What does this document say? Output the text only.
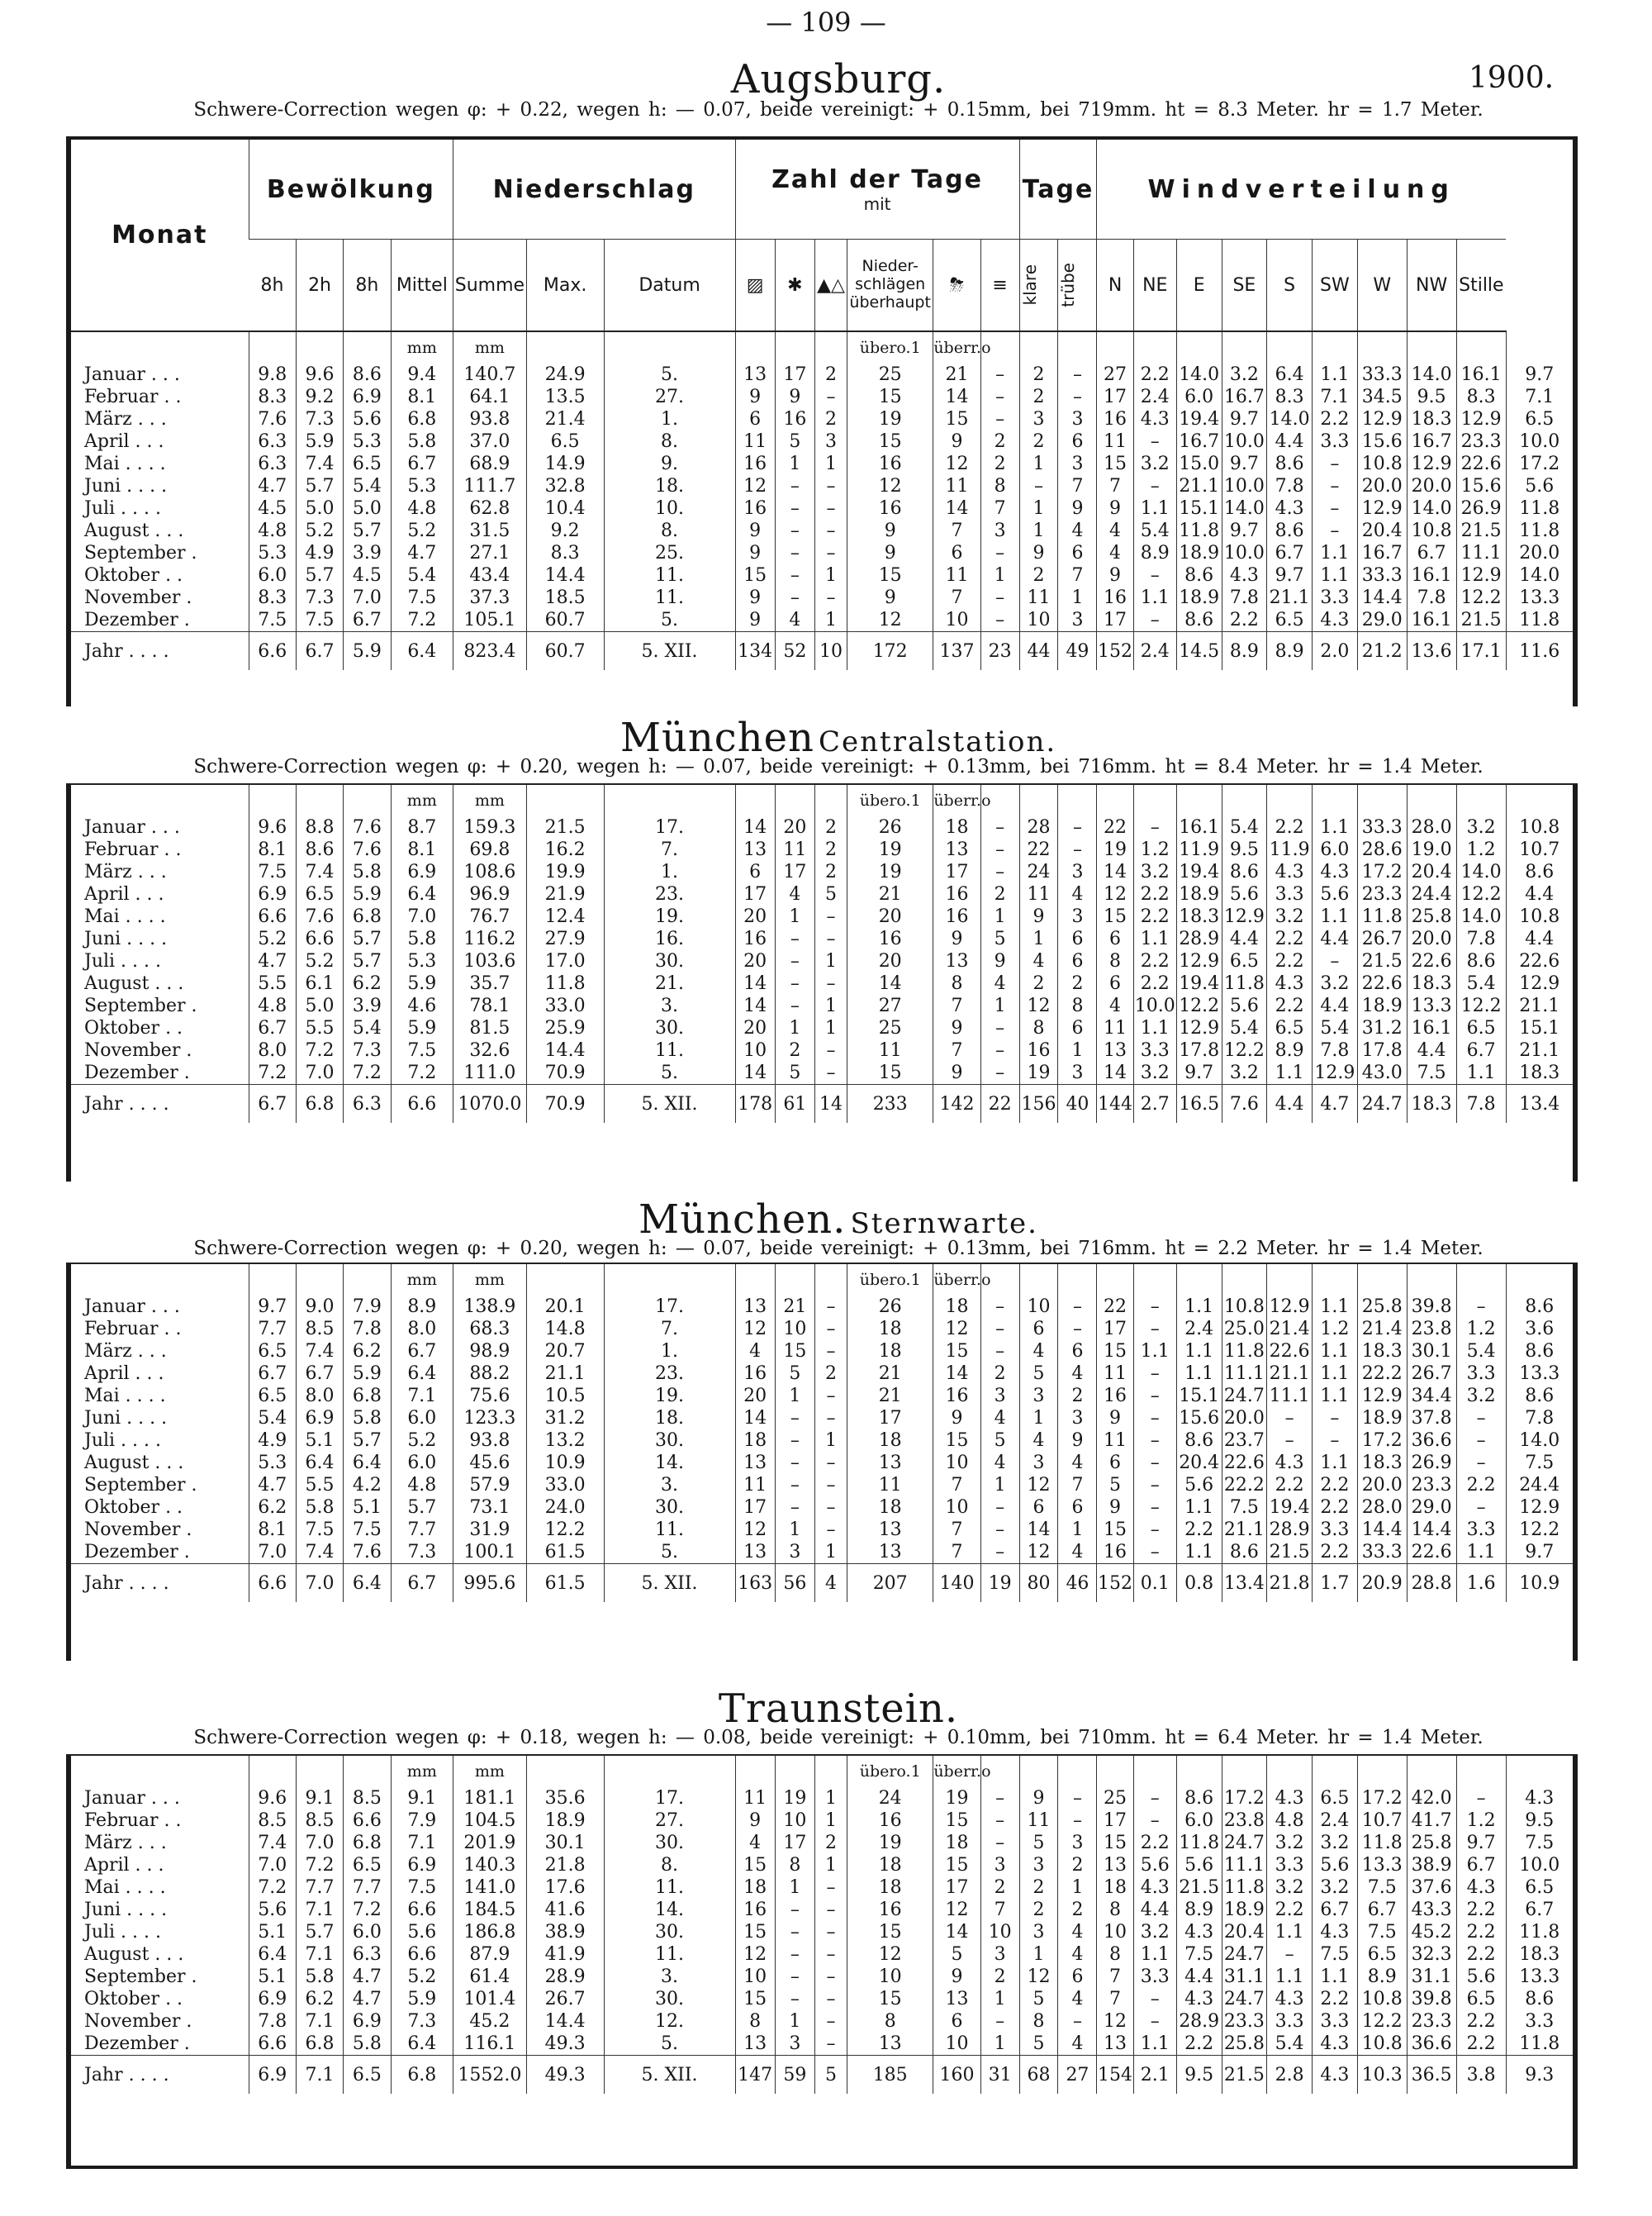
— 109 —
1900.
Augsburg.
Schwere-Correction wegen φ: + 0.22, wegen h: — 0.07, beide vereinigt: + 0.15mm, bei 719mm. ht = 8.3 Meter. hr = 1.7 Meter.
Monat	Bewölkung				Niederschlag			Zahl der Tage
mit						Tage		Windverteilung									
	8h	2h	8h	Mittel	Summe	Max.	Datum	▨	✱	▲△	Nieder-schlägen überhaupt	⛈	≡	klare	trübe	N	NE	E	SE	S	SW	W	NW	Stille	
				mm	mm						übero.1	überr.o													
Januar . . .	9.8	9.6	8.6	9.4	140.7	24.9	5.	13	17	2	25	21	–	2	–	27	2.2	14.0	3.2	6.4	1.1	33.3	14.0	16.1	9.7
Februar . .	8.3	9.2	6.9	8.1	64.1	13.5	27.	9	9	–	15	14	–	2	–	17	2.4	6.0	16.7	8.3	7.1	34.5	9.5	8.3	7.1
März . . .	7.6	7.3	5.6	6.8	93.8	21.4	1.	6	16	2	19	15	–	3	3	16	4.3	19.4	9.7	14.0	2.2	12.9	18.3	12.9	6.5
April . . .	6.3	5.9	5.3	5.8	37.0	6.5	8.	11	5	3	15	9	2	2	6	11	–	16.7	10.0	4.4	3.3	15.6	16.7	23.3	10.0
Mai . . . .	6.3	7.4	6.5	6.7	68.9	14.9	9.	16	1	1	16	12	2	1	3	15	3.2	15.0	9.7	8.6	–	10.8	12.9	22.6	17.2
Juni . . . .	4.7	5.7	5.4	5.3	111.7	32.8	18.	12	–	–	12	11	8	–	7	7	–	21.1	10.0	7.8	–	20.0	20.0	15.6	5.6
Juli . . . .	4.5	5.0	5.0	4.8	62.8	10.4	10.	16	–	–	16	14	7	1	9	9	1.1	15.1	14.0	4.3	–	12.9	14.0	26.9	11.8
August . . .	4.8	5.2	5.7	5.2	31.5	9.2	8.	9	–	–	9	7	3	1	4	4	5.4	11.8	9.7	8.6	–	20.4	10.8	21.5	11.8
September .	5.3	4.9	3.9	4.7	27.1	8.3	25.	9	–	–	9	6	–	9	6	4	8.9	18.9	10.0	6.7	1.1	16.7	6.7	11.1	20.0
Oktober . .	6.0	5.7	4.5	5.4	43.4	14.4	11.	15	–	1	15	11	1	2	7	9	–	8.6	4.3	9.7	1.1	33.3	16.1	12.9	14.0
November .	8.3	7.3	7.0	7.5	37.3	18.5	11.	9	–	–	9	7	–	11	1	16	1.1	18.9	7.8	21.1	3.3	14.4	7.8	12.2	13.3
Dezember .	7.5	7.5	6.7	7.2	105.1	60.7	5.	9	4	1	12	10	–	10	3	17	–	8.6	2.2	6.5	4.3	29.0	16.1	21.5	11.8
Jahr . . . .	6.6	6.7	5.9	6.4	823.4	60.7	5. XII.	134	52	10	172	137	23	44	49	152	2.4	14.5	8.9	8.9	2.0	21.2	13.6	17.1	11.6
München Centralstation.
Schwere-Correction wegen φ: + 0.20, wegen h: — 0.07, beide vereinigt: + 0.13mm, bei 716mm. ht = 8.4 Meter. hr = 1.4 Meter.
				mm	mm						übero.1	überr.o													
Januar . . .	9.6	8.8	7.6	8.7	159.3	21.5	17.	14	20	2	26	18	–	28	–	22	–	16.1	5.4	2.2	1.1	33.3	28.0	3.2	10.8
Februar . .	8.1	8.6	7.6	8.1	69.8	16.2	7.	13	11	2	19	13	–	22	–	19	1.2	11.9	9.5	11.9	6.0	28.6	19.0	1.2	10.7
März . . .	7.5	7.4	5.8	6.9	108.6	19.9	1.	6	17	2	19	17	–	24	3	14	3.2	19.4	8.6	4.3	4.3	17.2	20.4	14.0	8.6
April . . .	6.9	6.5	5.9	6.4	96.9	21.9	23.	17	4	5	21	16	2	11	4	12	2.2	18.9	5.6	3.3	5.6	23.3	24.4	12.2	4.4
Mai . . . .	6.6	7.6	6.8	7.0	76.7	12.4	19.	20	1	–	20	16	1	9	3	15	2.2	18.3	12.9	3.2	1.1	11.8	25.8	14.0	10.8
Juni . . . .	5.2	6.6	5.7	5.8	116.2	27.9	16.	16	–	–	16	9	5	1	6	6	1.1	28.9	4.4	2.2	4.4	26.7	20.0	7.8	4.4
Juli . . . .	4.7	5.2	5.7	5.3	103.6	17.0	30.	20	–	1	20	13	9	4	6	8	2.2	12.9	6.5	2.2	–	21.5	22.6	8.6	22.6
August . . .	5.5	6.1	6.2	5.9	35.7	11.8	21.	14	–	–	14	8	4	2	2	6	2.2	19.4	11.8	4.3	3.2	22.6	18.3	5.4	12.9
September .	4.8	5.0	3.9	4.6	78.1	33.0	3.	14	–	1	27	7	1	12	8	4	10.0	12.2	5.6	2.2	4.4	18.9	13.3	12.2	21.1
Oktober . .	6.7	5.5	5.4	5.9	81.5	25.9	30.	20	1	1	25	9	–	8	6	11	1.1	12.9	5.4	6.5	5.4	31.2	16.1	6.5	15.1
November .	8.0	7.2	7.3	7.5	32.6	14.4	11.	10	2	–	11	7	–	16	1	13	3.3	17.8	12.2	8.9	7.8	17.8	4.4	6.7	21.1
Dezember .	7.2	7.0	7.2	7.2	111.0	70.9	5.	14	5	–	15	9	–	19	3	14	3.2	9.7	3.2	1.1	12.9	43.0	7.5	1.1	18.3
Jahr . . . .	6.7	6.8	6.3	6.6	1070.0	70.9	5. XII.	178	61	14	233	142	22	156	40	144	2.7	16.5	7.6	4.4	4.7	24.7	18.3	7.8	13.4
München. Sternwarte.
Schwere-Correction wegen φ: + 0.20, wegen h: — 0.07, beide vereinigt: + 0.13mm, bei 716mm. ht = 2.2 Meter. hr = 1.4 Meter.
				mm	mm						übero.1	überr.o													
Januar . . .	9.7	9.0	7.9	8.9	138.9	20.1	17.	13	21	–	26	18	–	10	–	22	–	1.1	10.8	12.9	1.1	25.8	39.8	–	8.6
Februar . .	7.7	8.5	7.8	8.0	68.3	14.8	7.	12	10	–	18	12	–	6	–	17	–	2.4	25.0	21.4	1.2	21.4	23.8	1.2	3.6
März . . .	6.5	7.4	6.2	6.7	98.9	20.7	1.	4	15	–	18	15	–	4	6	15	1.1	1.1	11.8	22.6	1.1	18.3	30.1	5.4	8.6
April . . .	6.7	6.7	5.9	6.4	88.2	21.1	23.	16	5	2	21	14	2	5	4	11	–	1.1	11.1	21.1	1.1	22.2	26.7	3.3	13.3
Mai . . . .	6.5	8.0	6.8	7.1	75.6	10.5	19.	20	1	–	21	16	3	3	2	16	–	15.1	24.7	11.1	1.1	12.9	34.4	3.2	8.6
Juni . . . .	5.4	6.9	5.8	6.0	123.3	31.2	18.	14	–	–	17	9	4	1	3	9	–	15.6	20.0	–	–	18.9	37.8	–	7.8
Juli . . . .	4.9	5.1	5.7	5.2	93.8	13.2	30.	18	–	1	18	15	5	4	9	11	–	8.6	23.7	–	–	17.2	36.6	–	14.0
August . . .	5.3	6.4	6.4	6.0	45.6	10.9	14.	13	–	–	13	10	4	3	4	6	–	20.4	22.6	4.3	1.1	18.3	26.9	–	7.5
September .	4.7	5.5	4.2	4.8	57.9	33.0	3.	11	–	–	11	7	1	12	7	5	–	5.6	22.2	2.2	2.2	20.0	23.3	2.2	24.4
Oktober . .	6.2	5.8	5.1	5.7	73.1	24.0	30.	17	–	–	18	10	–	6	6	9	–	1.1	7.5	19.4	2.2	28.0	29.0	–	12.9
November .	8.1	7.5	7.5	7.7	31.9	12.2	11.	12	1	–	13	7	–	14	1	15	–	2.2	21.1	28.9	3.3	14.4	14.4	3.3	12.2
Dezember .	7.0	7.4	7.6	7.3	100.1	61.5	5.	13	3	1	13	7	–	12	4	16	–	1.1	8.6	21.5	2.2	33.3	22.6	1.1	9.7
Jahr . . . .	6.6	7.0	6.4	6.7	995.6	61.5	5. XII.	163	56	4	207	140	19	80	46	152	0.1	0.8	13.4	21.8	1.7	20.9	28.8	1.6	10.9
Traunstein.
Schwere-Correction wegen φ: + 0.18, wegen h: — 0.08, beide vereinigt: + 0.10mm, bei 710mm. ht = 6.4 Meter. hr = 1.4 Meter.
				mm	mm						übero.1	überr.o													
Januar . . .	9.6	9.1	8.5	9.1	181.1	35.6	17.	11	19	1	24	19	–	9	–	25	–	8.6	17.2	4.3	6.5	17.2	42.0	–	4.3
Februar . .	8.5	8.5	6.6	7.9	104.5	18.9	27.	9	10	1	16	15	–	11	–	17	–	6.0	23.8	4.8	2.4	10.7	41.7	1.2	9.5
März . . .	7.4	7.0	6.8	7.1	201.9	30.1	30.	4	17	2	19	18	–	5	3	15	2.2	11.8	24.7	3.2	3.2	11.8	25.8	9.7	7.5
April . . .	7.0	7.2	6.5	6.9	140.3	21.8	8.	15	8	1	18	15	3	3	2	13	5.6	5.6	11.1	3.3	5.6	13.3	38.9	6.7	10.0
Mai . . . .	7.2	7.7	7.7	7.5	141.0	17.6	11.	18	1	–	18	17	2	2	1	18	4.3	21.5	11.8	3.2	3.2	7.5	37.6	4.3	6.5
Juni . . . .	5.6	7.1	7.2	6.6	184.5	41.6	14.	16	–	–	16	12	7	2	2	8	4.4	8.9	18.9	2.2	6.7	6.7	43.3	2.2	6.7
Juli . . . .	5.1	5.7	6.0	5.6	186.8	38.9	30.	15	–	–	15	14	10	3	4	10	3.2	4.3	20.4	1.1	4.3	7.5	45.2	2.2	11.8
August . . .	6.4	7.1	6.3	6.6	87.9	41.9	11.	12	–	–	12	5	3	1	4	8	1.1	7.5	24.7	–	7.5	6.5	32.3	2.2	18.3
September .	5.1	5.8	4.7	5.2	61.4	28.9	3.	10	–	–	10	9	2	12	6	7	3.3	4.4	31.1	1.1	1.1	8.9	31.1	5.6	13.3
Oktober . .	6.9	6.2	4.7	5.9	101.4	26.7	30.	15	–	–	15	13	1	5	4	7	–	4.3	24.7	4.3	2.2	10.8	39.8	6.5	8.6
November .	7.8	7.1	6.9	7.3	45.2	14.4	12.	8	1	–	8	6	–	8	–	12	–	28.9	23.3	3.3	3.3	12.2	23.3	2.2	3.3
Dezember .	6.6	6.8	5.8	6.4	116.1	49.3	5.	13	3	–	13	10	1	5	4	13	1.1	2.2	25.8	5.4	4.3	10.8	36.6	2.2	11.8
Jahr . . . .	6.9	7.1	6.5	6.8	1552.0	49.3	5. XII.	147	59	5	185	160	31	68	27	154	2.1	9.5	21.5	2.8	4.3	10.3	36.5	3.8	9.3
